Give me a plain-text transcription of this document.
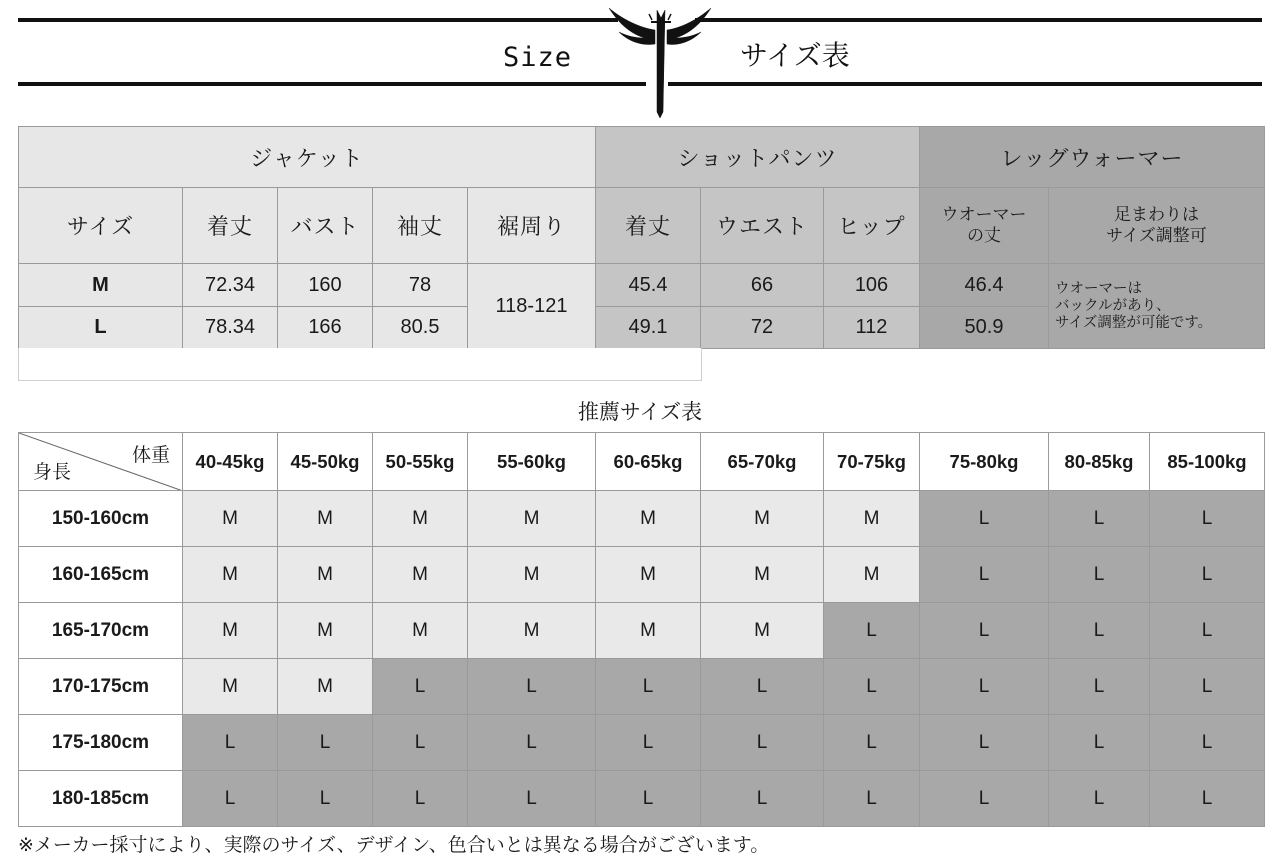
Size	サイズ表
ジャケット					ショットパンツ			レッグウォーマー	
サイズ	着丈	バスト	袖丈	裾周り	着丈	ウエスト	ヒップ	ウオーマー
の丈	足まわりは
サイズ調整可
M	72.34	160	78	118-121	45.4	66	106	46.4	ウオーマーは
バックルがあり、
サイズ調整が可能です。
L	78.34	166	80.5		49.1	72	112	50.9	
推薦サイズ表
体重
身長	40-45kg	45-50kg	50-55kg	55-60kg	60-65kg	65-70kg	70-75kg	75-80kg	80-85kg	85-100kg
150-160cm	M	M	M	M	M	M	M	L	L	L
160-165cm	M	M	M	M	M	M	M	L	L	L
165-170cm	M	M	M	M	M	M	L	L	L	L
170-175cm	M	M	L	L	L	L	L	L	L	L
175-180cm	L	L	L	L	L	L	L	L	L	L
180-185cm	L	L	L	L	L	L	L	L	L	L
※メーカー採寸により、実際のサイズ、デザイン、色合いとは異なる場合がございます。
